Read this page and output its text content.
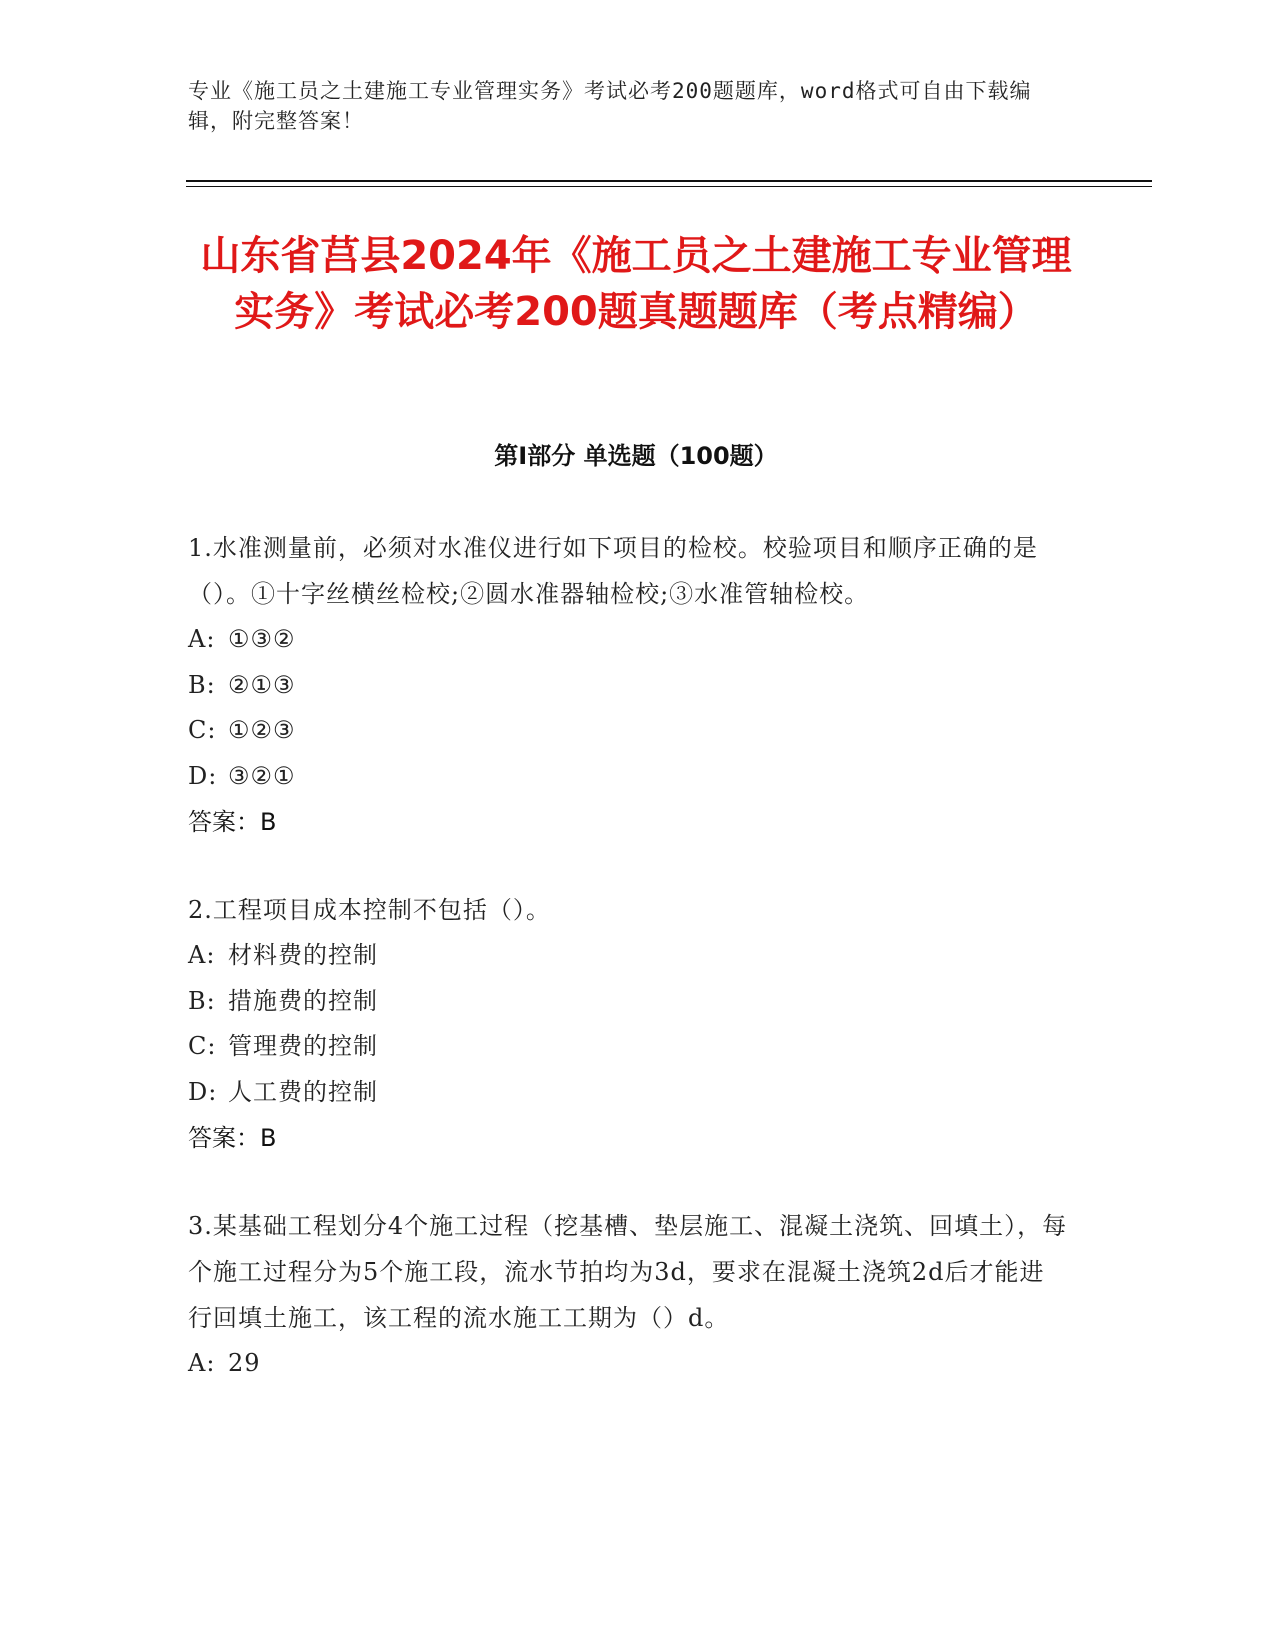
专业《施工员之土建施工专业管理实务》考试必考200题题库，word格式可自由下载编辑，附完整答案！
山东省莒县2024年《施工员之土建施工专业管理实务》考试必考200题真题题库（考点精编）
第Ⅰ部分 单选题（100题）
1.水准测量前，必须对水准仪进行如下项目的检校。校验项目和顺序正确的是（）。①十字丝横丝检校;②圆水准器轴检校;③水准管轴检校。
A: ①③②
B: ②①③
C: ①②③
D: ③②①
答案：B
2.工程项目成本控制不包括（）。
A: 材料费的控制
B: 措施费的控制
C: 管理费的控制
D: 人工费的控制
答案：B
3.某基础工程划分4个施工过程（挖基槽、垫层施工、混凝土浇筑、回填土），每个施工过程分为5个施工段，流水节拍均为3d，要求在混凝土浇筑2d后才能进行回填土施工，该工程的流水施工工期为（）d。
A: 29
